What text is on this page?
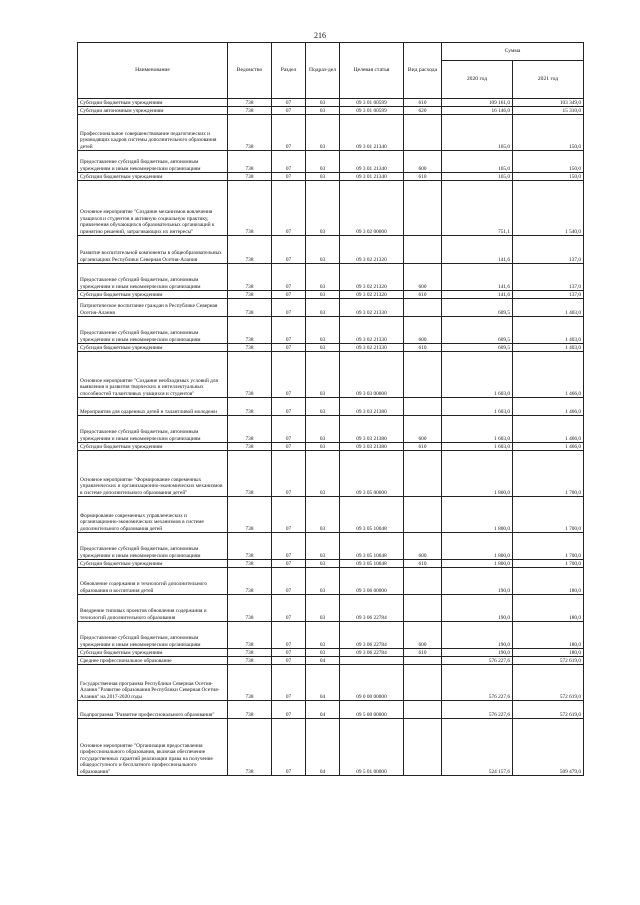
216
Наименование	Ведомство	Раздел	Подраз-дел	Целевая статья	Вид расхода	Сумма	
						2020 год	2021 год
Субсидии бюджетным учреждениям	738	07	03	09 3 01 00599	610	109 161,0	103 349,0
Субсидии автономным учреждениям	738	07	03	09 3 01 00599	620	16 146,0	15 310,0
Профессиональное совершенствование педагогических и руководящих кадров системы дополнительного образования детей	738	07	03	09 3 01 21340		165,0	150,0
Предоставление субсидий бюджетным, автономным учреждениям и иным некоммерческим организациям	738	07	03	09 3 01 21340	600	165,0	150,0
Субсидии бюджетным учреждениям	738	07	03	09 3 01 21340	610	165,0	150,0
Основное мероприятие "Создание механизмов вовлечения учащихся и студентов в активную социальную практику, привлечения обучающихся образовательных организаций к принятию решений, затрагивающих их интересы"	738	07	03	09 3 02 00000		751,1	1 540,0
Развитие воспитательной компоненты в общеобразовательных организациях Республики Северная Осетия-Алания	738	07	03	09 3 02 21320		141,6	137,0
Предоставление субсидий бюджетным, автономным учреждениям и иным некоммерческим организациям	738	07	03	09 3 02 21320	600	141,6	137,0
Субсидии бюджетным учреждениям	738	07	03	09 3 02 21320	610	141,6	137,0
Патриотическое воспитание граждан в Республике Северная Осетия-Алания	738	07	03	09 3 02 21330		609,5	1 403,0
Предоставление субсидий бюджетным, автономным учреждениям и иным некоммерческим организациям	738	07	03	09 3 02 21330	600	609,5	1 403,0
Субсидии бюджетным учреждениям	738	07	03	09 3 02 21330	610	609,5	1 403,0
Основное мероприятие "Создание необходимых условий для выявления и развития творческих и интеллектуальных способностей талантливых учащихся и студентов"	738	07	03	09 3 03 00000		1 603,0	1 466,0
Мероприятия для одаренных детей и талантливой молодежи	738	07	03	09 3 03 21380		1 603,0	1 466,0
Предоставление субсидий бюджетным, автономным учреждениям и иным некоммерческим организациям	738	07	03	09 3 03 21380	600	1 603,0	1 466,0
Субсидии бюджетным учреждениям	738	07	03	09 3 03 21380	610	1 603,0	1 466,0
Основное мероприятие "Формирование современных управленческих и организационно-экономических механизмов в системе дополнительного образования детей"	738	07	03	09 3 05 00000		1 800,0	1 700,0
Формирование современных управленческих и организационно-экономических механизмов в системе дополнительного образования детей	738	07	03	09 3 05 10048		1 800,0	1 700,0
Предоставление субсидий бюджетным, автономным учреждениям и иным некоммерческим организациям	738	07	03	09 3 05 10048	600	1 800,0	1 700,0
Субсидии бюджетным учреждениям	738	07	03	09 3 05 10048	610	1 800,0	1 700,0
Обновление содержания и технологий дополнительного образования и воспитания детей	738	07	03	09 3 06 00000		190,0	180,0
Внедрение типовых проектов обновления содержания и технологий дополнительного образования	738	07	03	09 3 06 22784		190,0	180,0
Предоставление субсидий бюджетным, автономным учреждениям и иным некоммерческим организациям	738	07	03	09 3 06 22784	600	190,0	180,0
Субсидии бюджетным учреждениям	738	07	03	09 3 06 22784	610	190,0	180,0
Среднее профессиональное образование	738	07	04			576 227,6	572 619,0
Государственная программа Республики Северная Осетия-Алания "Развитие образования Республики Северная Осетия-Алания" на 2017-2020 годы	738	07	04	09 0 00 00000		576 227,6	572 619,0
Подпрограмма "Развитие профессионального образования"	738	07	04	09 5 00 00000		576 227,6	572 619,0
Основное мероприятие "Организация предоставления профессионального образования, включая обеспечение государственных гарантий реализации права на получение общедоступного и бесплатного профессионального образования"	738	07	04	09 5 01 00000		524 157,6	509 479,0
